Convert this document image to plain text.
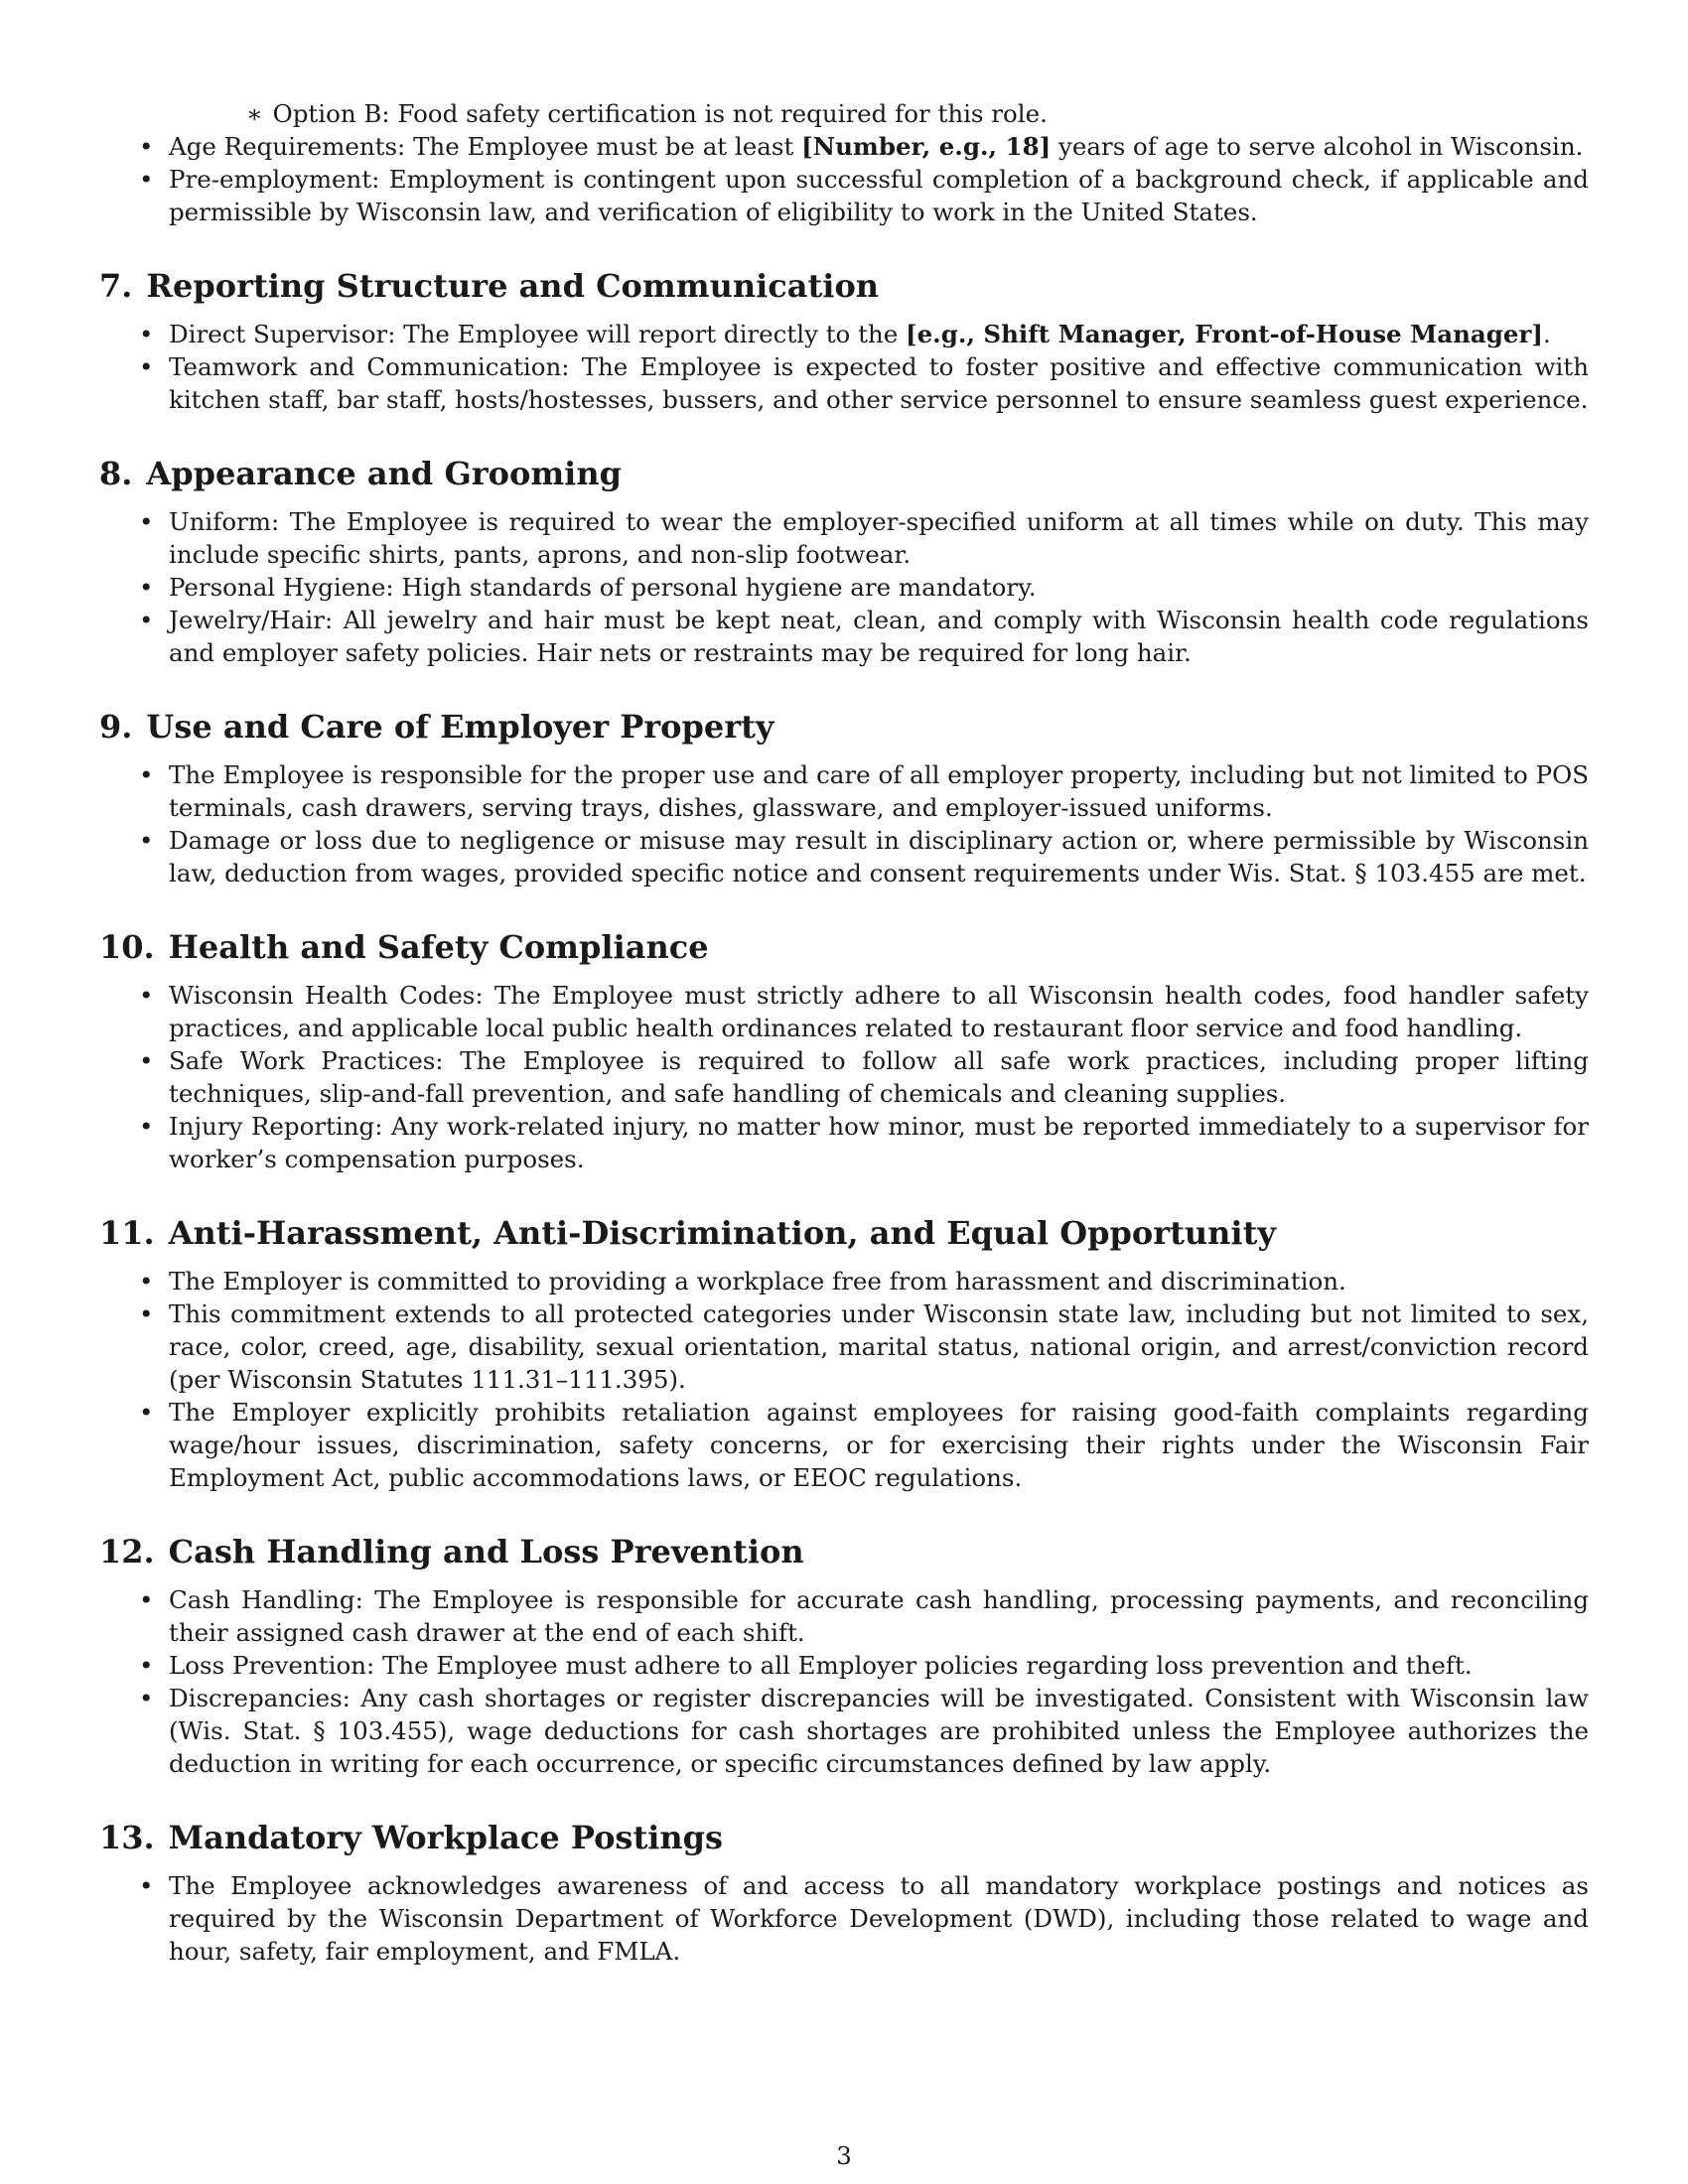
∗ Option B: Food safety certification is not required for this role.
• Age Requirements: The Employee must be at least [Number, e.g., 18] years of age to serve alcohol in Wisconsin.
• Pre-employment: Employment is contingent upon successful completion of a background check, if applicable and permissible by Wisconsin law, and verification of eligibility to work in the United States.
7. Reporting Structure and Communication
• Direct Supervisor: The Employee will report directly to the [e.g., Shift Manager, Front-of-House Manager].
• Teamwork and Communication: The Employee is expected to foster positive and effective communication with kitchen staff, bar staff, hosts/hostesses, bussers, and other service personnel to ensure seamless guest experience.
8. Appearance and Grooming
• Uniform: The Employee is required to wear the employer-specified uniform at all times while on duty. This may include specific shirts, pants, aprons, and non-slip footwear.
• Personal Hygiene: High standards of personal hygiene are mandatory.
• Jewelry/Hair: All jewelry and hair must be kept neat, clean, and comply with Wisconsin health code regulations and employer safety policies. Hair nets or restraints may be required for long hair.
9. Use and Care of Employer Property
• The Employee is responsible for the proper use and care of all employer property, including but not limited to POS terminals, cash drawers, serving trays, dishes, glassware, and employer-issued uniforms.
• Damage or loss due to negligence or misuse may result in disciplinary action or, where permissible by Wisconsin law, deduction from wages, provided specific notice and consent requirements under Wis. Stat. § 103.455 are met.
10. Health and Safety Compliance
• Wisconsin Health Codes: The Employee must strictly adhere to all Wisconsin health codes, food handler safety practices, and applicable local public health ordinances related to restaurant floor service and food handling.
• Safe Work Practices: The Employee is required to follow all safe work practices, including proper lifting techniques, slip-and-fall prevention, and safe handling of chemicals and cleaning supplies.
• Injury Reporting: Any work-related injury, no matter how minor, must be reported immediately to a supervisor for worker’s compensation purposes.
11. Anti-Harassment, Anti-Discrimination, and Equal Opportunity
• The Employer is committed to providing a workplace free from harassment and discrimination.
• This commitment extends to all protected categories under Wisconsin state law, including but not limited to sex, race, color, creed, age, disability, sexual orientation, marital status, national origin, and arrest/conviction record (per Wisconsin Statutes 111.31–111.395).
• The Employer explicitly prohibits retaliation against employees for raising good-faith complaints regarding wage/hour issues, discrimination, safety concerns, or for exercising their rights under the Wisconsin Fair Employment Act, public accommodations laws, or EEOC regulations.
12. Cash Handling and Loss Prevention
• Cash Handling: The Employee is responsible for accurate cash handling, processing payments, and reconciling their assigned cash drawer at the end of each shift.
• Loss Prevention: The Employee must adhere to all Employer policies regarding loss prevention and theft.
• Discrepancies: Any cash shortages or register discrepancies will be investigated. Consistent with Wisconsin law (Wis. Stat. § 103.455), wage deductions for cash shortages are prohibited unless the Employee authorizes the deduction in writing for each occurrence, or specific circumstances defined by law apply.
13. Mandatory Workplace Postings
• The Employee acknowledges awareness of and access to all mandatory workplace postings and notices as required by the Wisconsin Department of Workforce Development (DWD), including those related to wage and hour, safety, fair employment, and FMLA.
3
